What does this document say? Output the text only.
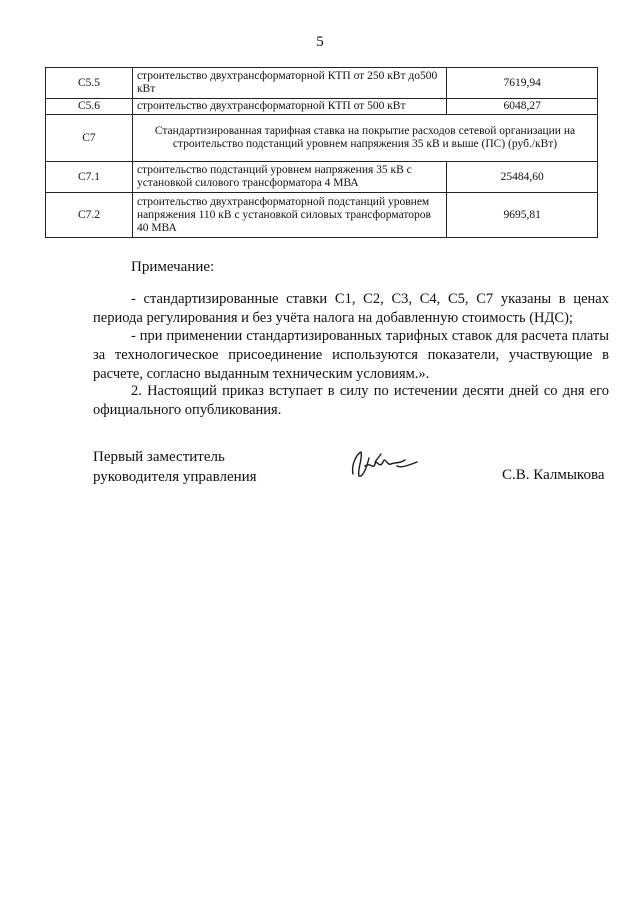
5
С5.5	строительство двухтрансформаторной КТП от 250 кВт до500 кВт	7619,94
С5.6	строительство двухтрансформаторной КТП от 500 кВт	6048,27
С7	Стандартизированная тарифная ставка на покрытие расходов сетевой организации на строительство подстанций уровнем напряжения 35 кВ и выше (ПС) (руб./кВт)	
С7.1	строительство подстанций уровнем напряжения 35 кВ с установкой силового трансформатора 4 МВА	25484,60
С7.2	строительство двухтрансформаторной подстанций уровнем напряжения 110 кВ с установкой силовых трансформаторов 40 МВА	9695,81
Примечание:
- стандартизированные ставки С1, С2, С3, С4, С5, С7 указаны в ценах периода регулирования и без учёта налога на добавленную стоимость (НДС);
- при применении стандартизированных тарифных ставок для расчета платы за технологическое присоединение используются показатели, участвующие в расчете, согласно выданным техническим условиям.».
2. Настоящий приказ вступает в силу по истечении десяти дней со дня его официального опубликования.
Первый заместитель
руководителя управления	С.В. Калмыкова
